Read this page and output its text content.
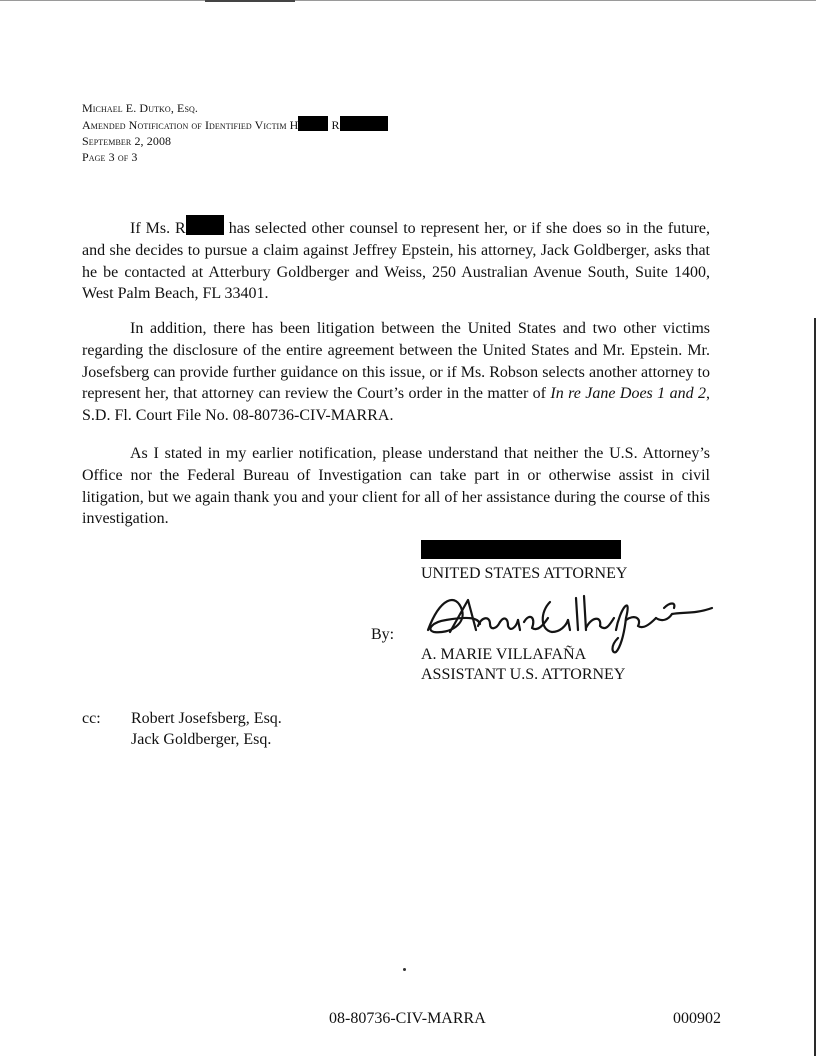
Michael E. Dutko, Esq.
Amended Notification of Identified Victim H	R
September 2, 2008
Page 3 of 3
If Ms. R has selected other counsel to represent her, or if she does so in the future, and she decides to pursue a claim against Jeffrey Epstein, his attorney, Jack Goldberger, asks that he be contacted at Atterbury Goldberger and Weiss, 250 Australian Avenue South, Suite 1400, West Palm Beach, FL 33401.
In addition, there has been litigation between the United States and two other victims regarding the disclosure of the entire agreement between the United States and Mr. Epstein. Mr. Josefsberg can provide further guidance on this issue, or if Ms. Robson selects another attorney to represent her, that attorney can review the Court’s order in the matter of In re Jane Does 1 and 2, S.D. Fl. Court File No. 08-80736-CIV-MARRA.
As I stated in my earlier notification, please understand that neither the U.S. Attorney’s Office nor the Federal Bureau of Investigation can take part in or otherwise assist in civil litigation, but we again thank you and your client for all of her assistance during the course of this investigation.
UNITED STATES ATTORNEY
By:
A. MARIE VILLAFAÑA
ASSISTANT U.S. ATTORNEY
cc: Robert Josefsberg, Esq.
Jack Goldberger, Esq.
08-80736-CIV-MARRA	000902
